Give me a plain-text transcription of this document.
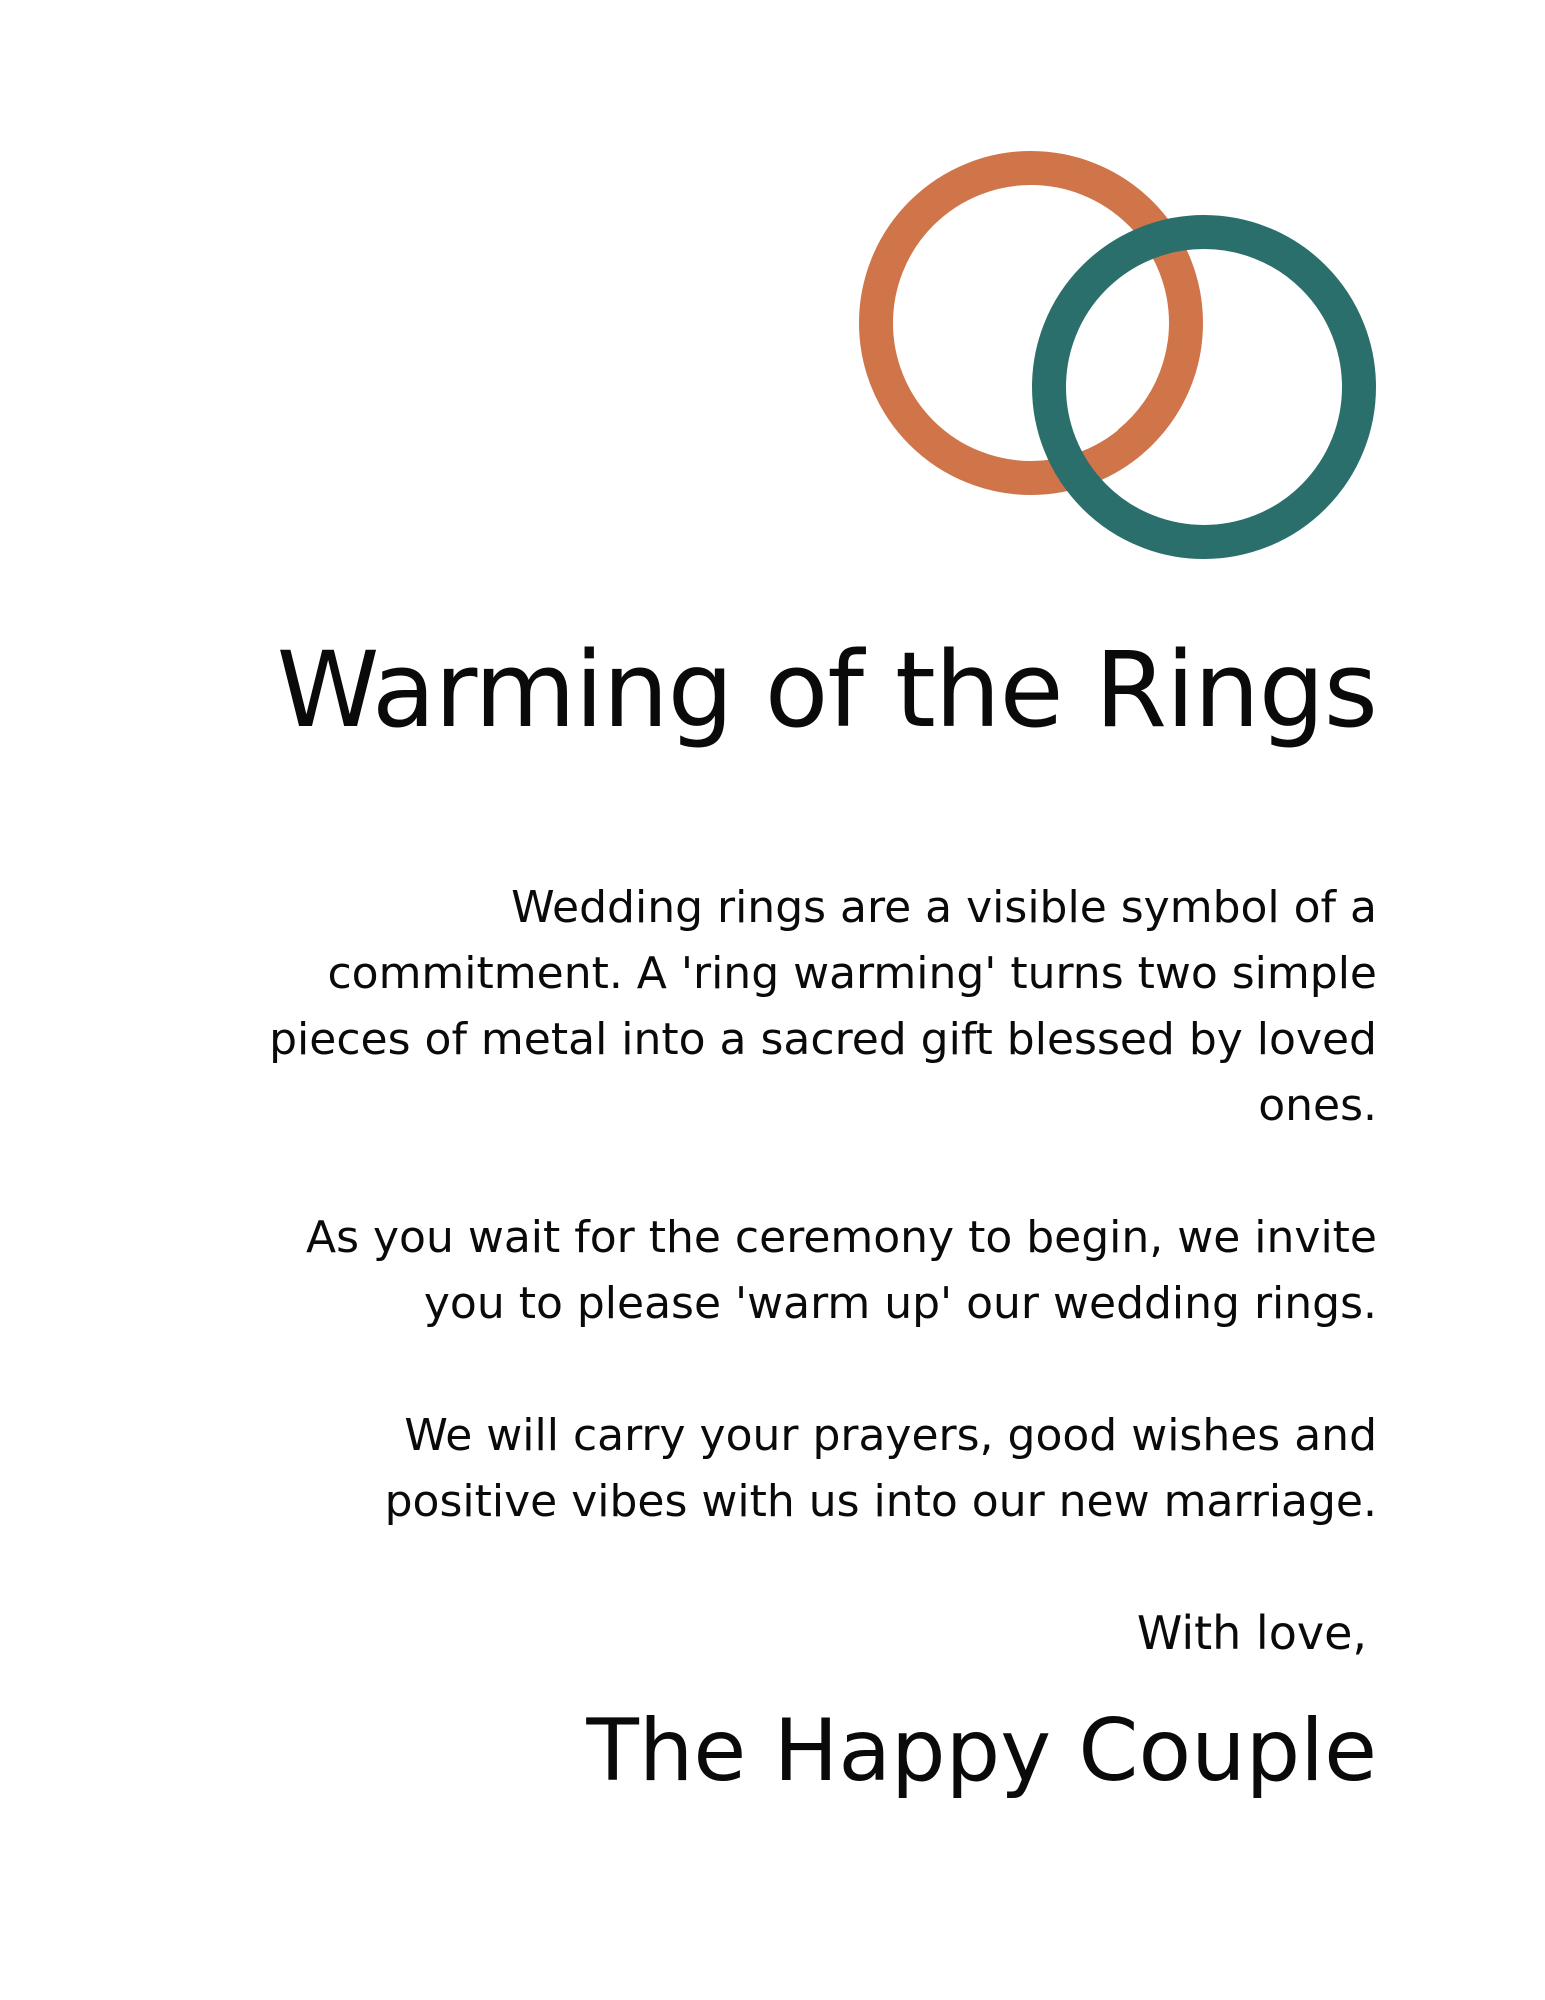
Warming of the Rings

Wedding rings are a visible symbol of a commitment. A 'ring warming' turns two simple pieces of metal into a sacred gift blessed by loved ones.

As you wait for the ceremony to begin, we invite you to please 'warm up' our wedding rings.

We will carry your prayers, good wishes and positive vibes with us into our new marriage.

With love,

The Happy Couple
